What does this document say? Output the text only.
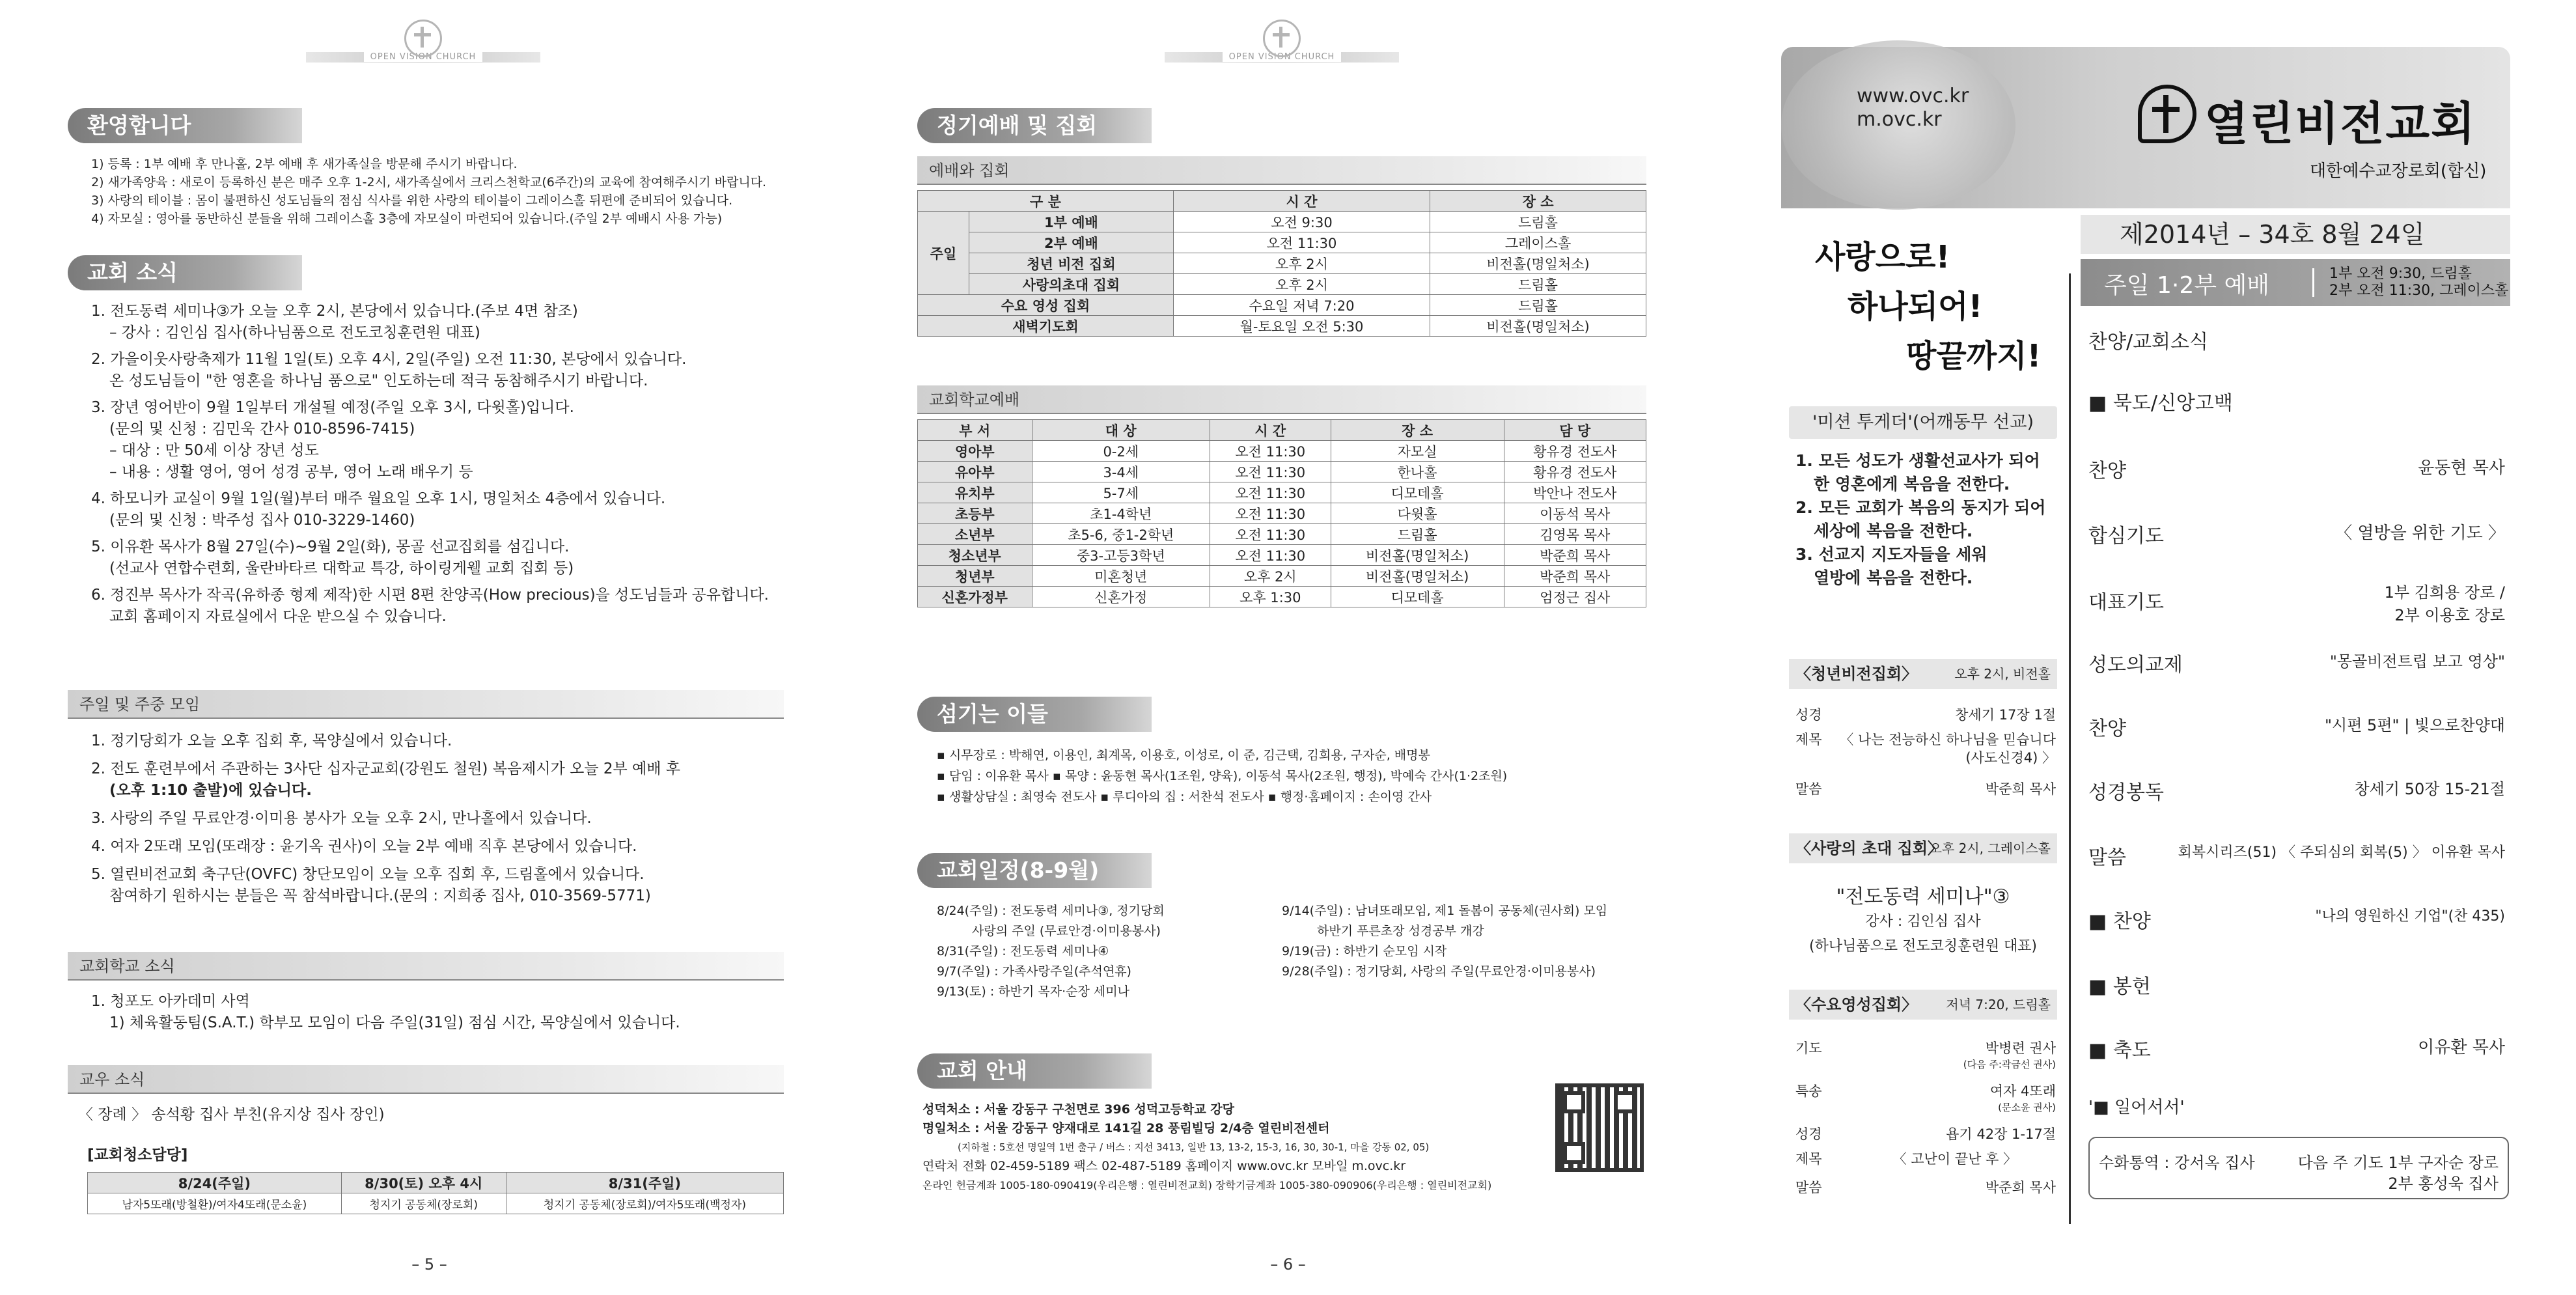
OPEN VISION CHURCH
환영합니다
1) 등록 : 1부 예배 후 만나홀, 2부 예배 후 새가족실을 방문해 주시기 바랍니다.
2) 새가족양육 : 새로이 등록하신 분은 매주 오후 1-2시, 새가족실에서 크리스천학교(6주간)의 교육에 참여해주시기 바랍니다.
3) 사랑의 테이블 : 몸이 불편하신 성도님들의 점심 식사를 위한 사랑의 테이블이 그레이스홀 뒤편에 준비되어 있습니다.
4) 자모실 : 영아를 동반하신 분들을 위해 그레이스홀 3층에 자모실이 마련되어 있습니다.(주일 2부 예배시 사용 가능)
교회 소식
1. 전도동력 세미나③가 오늘 오후 2시, 본당에서 있습니다.(주보 4면 참조)
– 강사 : 김인심 집사(하나님품으로 전도코칭훈련원 대표)
2. 가을이웃사랑축제가 11월 1일(토) 오후 4시, 2일(주일) 오전 11:30, 본당에서 있습니다.
온 성도님들이 "한 영혼을 하나님 품으로" 인도하는데 적극 동참해주시기 바랍니다.
3. 장년 영어반이 9월 1일부터 개설될 예정(주일 오후 3시, 다윗홀)입니다.
(문의 및 신청 : 김민욱 간사 010-8596-7415)
– 대상 : 만 50세 이상 장년 성도
– 내용 : 생활 영어, 영어 성경 공부, 영어 노래 배우기 등
4. 하모니카 교실이 9월 1일(월)부터 매주 월요일 오후 1시, 명일처소 4층에서 있습니다.
(문의 및 신청 : 박주성 집사 010-3229-1460)
5. 이유환 목사가 8월 27일(수)~9월 2일(화), 몽골 선교집회를 섬깁니다.
(선교사 연합수련회, 울란바타르 대학교 특강, 하이링게웰 교회 집회 등)
6. 정진부 목사가 작곡(유하종 형제 제작)한 시편 8편 찬양곡(How precious)을 성도님들과 공유합니다.
교회 홈페이지 자료실에서 다운 받으실 수 있습니다.
주일 및 주중 모임
1. 정기당회가 오늘 오후 집회 후, 목양실에서 있습니다.
2. 전도 훈련부에서 주관하는 3사단 십자군교회(강원도 철원) 복음제시가 오늘 2부 예배 후
(오후 1:10 출발)에 있습니다.
3. 사랑의 주일 무료안경·이미용 봉사가 오늘 오후 2시, 만나홀에서 있습니다.
4. 여자 2또래 모임(또래장 : 윤기옥 권사)이 오늘 2부 예배 직후 본당에서 있습니다.
5. 열린비전교회 축구단(OVFC) 창단모임이 오늘 오후 집회 후, 드림홀에서 있습니다.
참여하기 원하시는 분들은 꼭 참석바랍니다.(문의 : 지희종 집사, 010-3569-5771)
교회학교 소식
1. 청포도 아카데미 사역
1) 체육활동팀(S.A.T.) 학부모 모임이 다음 주일(31일) 점심 시간, 목양실에서 있습니다.
교우 소식
〈 장례 〉 송석황 집사 부친(유지상 집사 장인)
[교회청소담당]
8/24(주일)	8/30(토) 오후 4시	8/31(주일)
남자5또래(방철환)/여자4또래(문소윤)	청지기 공동체(장로회)	청지기 공동체(장로회)/여자5또래(백정자)
– 5 –
OPEN VISION CHURCH
정기예배 및 집회
예배와 집회
구 분		시 간	장 소
주일	1부 예배	오전 9:30	드림홀
	2부 예배	오전 11:30	그레이스홀
	청년 비전 집회	오후 2시	비전홀(명일처소)
	사랑의초대 집회	오후 2시	드림홀
수요 영성 집회		수요일 저녁 7:20	드림홀
새벽기도회		월-토요일 오전 5:30	비전홀(명일처소)
교회학교예배
부 서	대 상	시 간	장 소	담 당
영아부	0-2세	오전 11:30	자모실	황유경 전도사
유아부	3-4세	오전 11:30	한나홀	황유경 전도사
유치부	5-7세	오전 11:30	디모데홀	박안나 전도사
초등부	초1-4학년	오전 11:30	다윗홀	이동석 목사
소년부	초5-6, 중1-2학년	오전 11:30	드림홀	김영목 목사
청소년부	중3-고등3학년	오전 11:30	비전홀(명일처소)	박준희 목사
청년부	미혼청년	오후 2시	비전홀(명일처소)	박준희 목사
신혼가정부	신혼가정	오후 1:30	디모데홀	엄정근 집사
섬기는 이들
▪ 시무장로 : 박해연, 이용인, 최계목, 이용호, 이성로, 이 준, 김근택, 김희용, 구자순, 배명봉
▪ 담임 : 이유환 목사 ▪ 목양 : 윤동현 목사(1조원, 양육), 이동석 목사(2조원, 행정), 박예숙 간사(1·2조원)
▪ 생활상담실 : 최영숙 전도사 ▪ 루디아의 집 : 서찬석 전도사 ▪ 행정·홈페이지 : 손이영 간사
교회일정(8-9월)
8/24(주일) : 전도동력 세미나③, 정기당회
사랑의 주일 (무료안경·이미용봉사)
8/31(주일) : 전도동력 세미나④
9/7(주일) : 가족사랑주일(추석연휴)
9/13(토) : 하반기 목자·순장 세미나
9/14(주일) : 남녀또래모임, 제1 돌봄이 공동체(권사회) 모임
하반기 푸른초장 성경공부 개강
9/19(금) : 하반기 순모임 시작
9/28(주일) : 정기당회, 사랑의 주일(무료안경·이미용봉사)
교회 안내
성덕처소 : 서울 강동구 구천면로 396 성덕고등학교 강당
명일처소 : 서울 강동구 양재대로 141길 28 풍림빌딩 2/4층 열린비전센터
(지하철 : 5호선 명일역 1번 출구 / 버스 : 지선 3413, 일반 13, 13-2, 15-3, 16, 30, 30-1, 마을 강동 02, 05)
연락처 전화 02-459-5189 팩스 02-487-5189 홈페이지 www.ovc.kr 모바일 m.ovc.kr
온라인 헌금계좌 1005-180-090419(우리은행 : 열린비전교회) 장학기금계좌 1005-380-090906(우리은행 : 열린비전교회)
– 6 –
www.ovc.kr
m.ovc.kr	열린비전교회
대한예수교장로회(합신)
제2014년 – 34호 8월 24일
주일 1·2부 예배	1부 오전 9:30, 드림홀
2부 오전 11:30, 그레이스홀
사랑으로!
하나되어!
땅끝까지!
'미션 투게더'(어깨동무 선교)
1. 모든 성도가 생활선교사가 되어
한 영혼에게 복음을 전한다.
2. 모든 교회가 복음의 동지가 되어
세상에 복음을 전한다.
3. 선교지 지도자들을 세워
열방에 복음을 전한다.
〈청년비전집회〉	오후 2시, 비전홀
성경	창세기 17장 1절
제목 〈 나는 전능하신 하나님을 믿습니다
(사도신경4) 〉
말씀	박준희 목사
〈사랑의 초대 집회〉
오후 2시, 그레이스홀
"전도동력 세미나"③
강사 : 김인심 집사
(하나님품으로 전도코칭훈련원 대표)
〈수요영성집회〉 저녁 7:20, 드림홀
기도	박병련 권사
(다음 주:곽금선 권사)
특송	여자 4또래
(문소윤 권사)
성경	욥기 42장 1-17절
제목	〈 고난이 끝난 후 〉
말씀	박준희 목사
찬양/교회소식
■ 묵도/신앙고백
찬양	윤동현 목사
합심기도	〈 열방을 위한 기도 〉
대표기도	1부 김희용 장로 / 2부 이용호 장로
성도의교제	"몽골비전트립 보고 영상"
찬양	"시편 5편" | 빛으로찬양대
성경봉독	창세기 50장 15-21절
말씀	회복시리즈(51) 〈 주되심의 회복(5) 〉 이유환 목사
■ 찬양	"나의 영원하신 기업"(찬 435)
■ 봉헌
■ 축도	이유환 목사
'■ 일어서서'
수화통역 : 강서옥 집사	다음 주 기도 1부 구자순 장로
2부 홍성욱 집사
